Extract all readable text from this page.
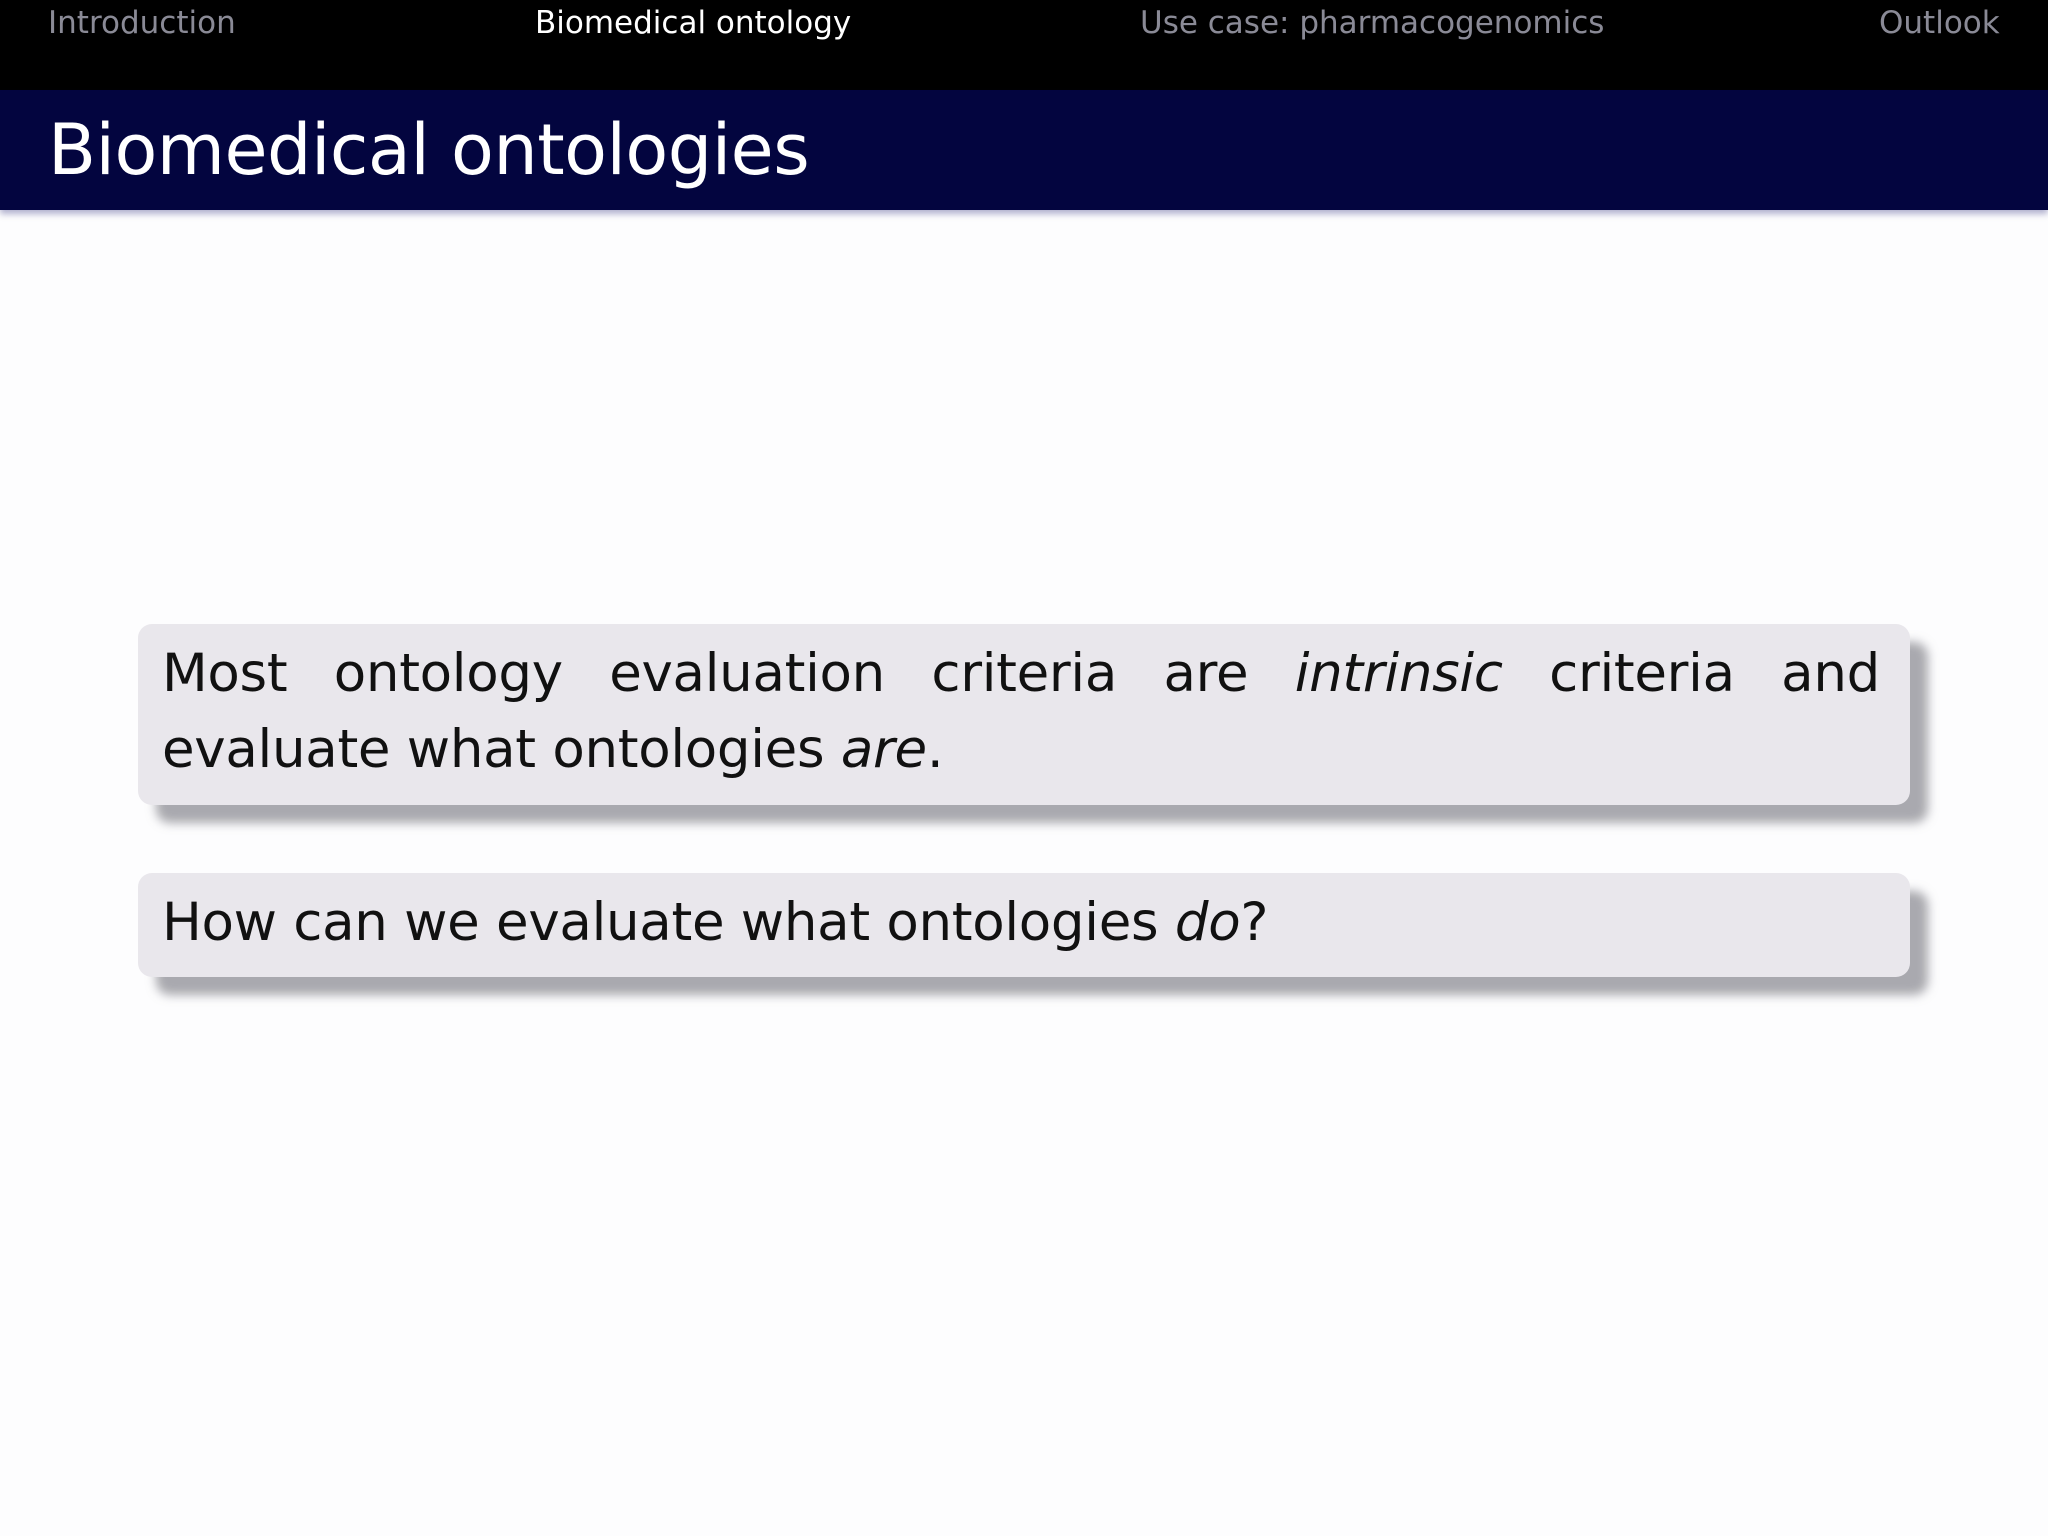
Introduction	Biomedical ontology	Use case: pharmacogenomics	Outlook
Biomedical ontologies

Most ontology evaluation criteria are intrinsic criteria and evaluate what ontologies are.

How can we evaluate what ontologies do?
